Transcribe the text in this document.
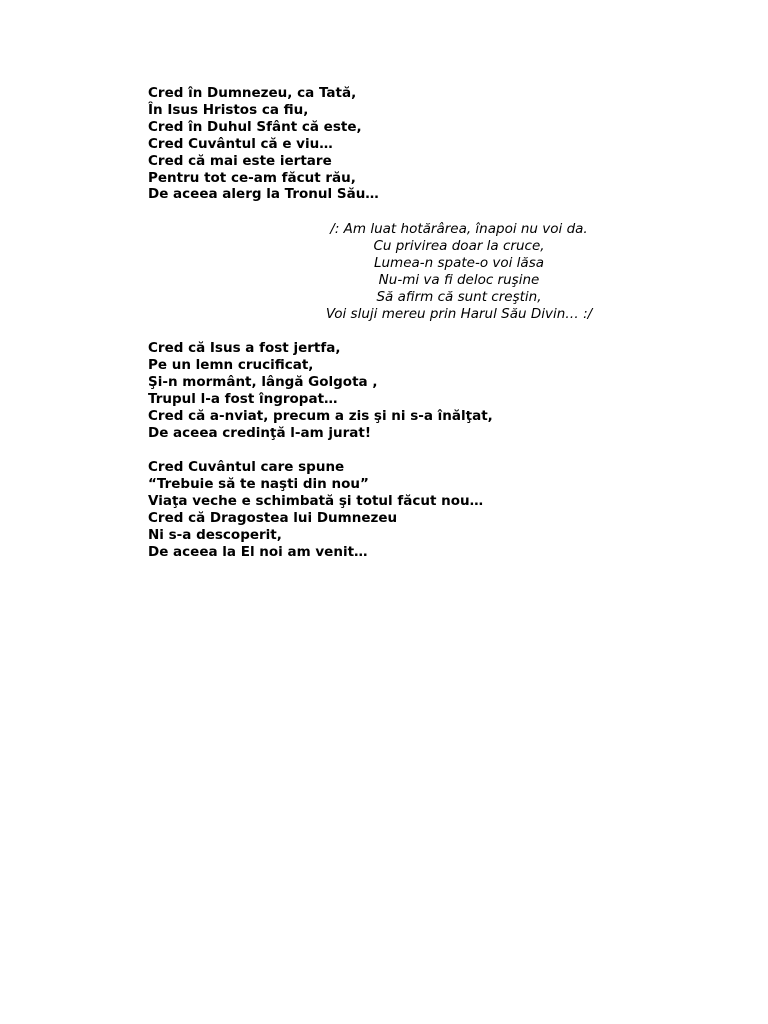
Cred în Dumnezeu, ca Tată,
În Isus Hristos ca fiu,
Cred în Duhul Sfânt că este,
Cred Cuvântul că e viu…
Cred că mai este iertare
Pentru tot ce-am făcut rău,
De aceea alerg la Tronul Său…

/: Am luat hotărârea, înapoi nu voi da.
Cu privirea doar la cruce,
Lumea-n spate-o voi lăsa
Nu-mi va fi deloc ruşine
Să afirm că sunt creştin,
Voi sluji mereu prin Harul Său Divin… :/

Cred că Isus a fost jertfa,
Pe un lemn crucificat,
Şi-n mormânt, lângă Golgota ,
Trupul l-a fost îngropat…
Cred că a-nviat, precum a zis şi ni s-a înălţat,
De aceea credinţă l-am jurat!

Cred Cuvântul care spune
“Trebuie să te naşti din nou”
Viaţa veche e schimbată şi totul făcut nou…
Cred că Dragostea lui Dumnezeu
Ni s-a descoperit,
De aceea la El noi am venit…
